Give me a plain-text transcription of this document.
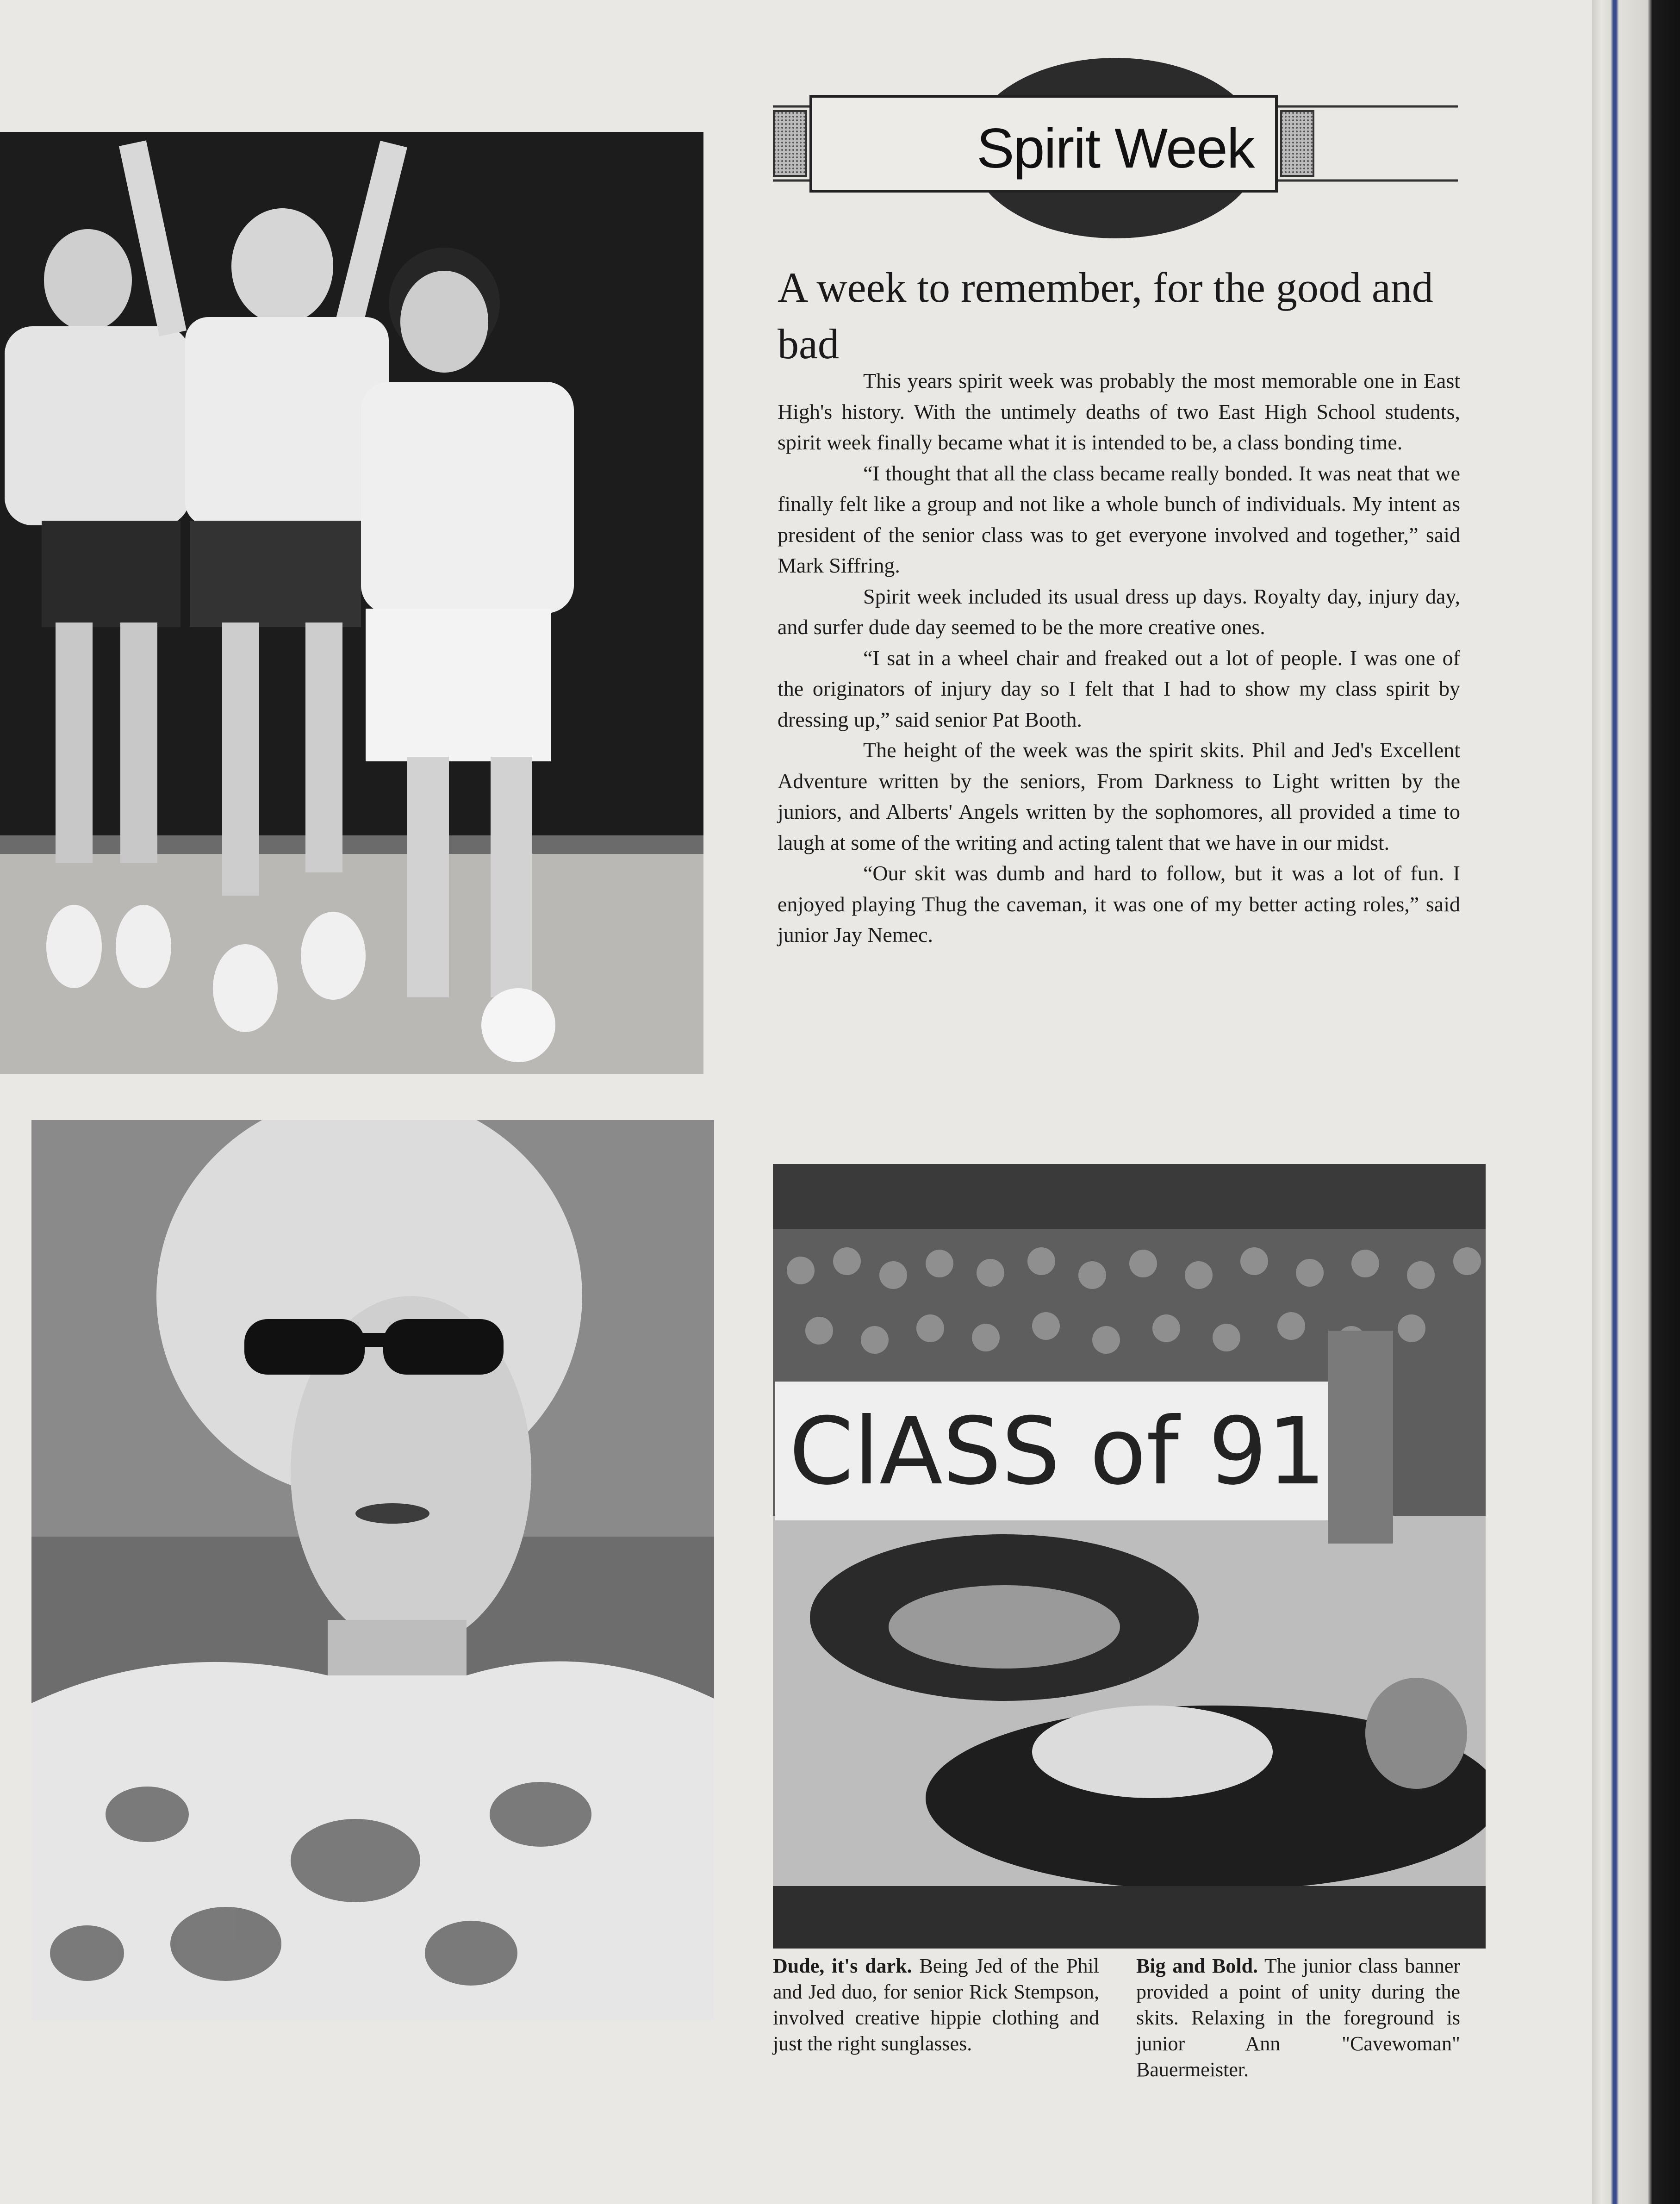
Spirit Week
A week to remember, for the good and bad

This years spirit week was probably the most memorable one in East High's history. With the untimely deaths of two East High School students, spirit week finally became what it is intended to be, a class bonding time.

“I thought that all the class became really bonded. It was neat that we finally felt like a group and not like a whole bunch of individuals. My intent as president of the senior class was to get everyone involved and together,” said Mark Siffring.

Spirit week included its usual dress up days. Royalty day, injury day, and surfer dude day seemed to be the more creative ones.

“I sat in a wheel chair and freaked out a lot of people. I was one of the originators of injury day so I felt that I had to show my class spirit by dressing up,” said senior Pat Booth.

The height of the week was the spirit skits. Phil and Jed's Excellent Adventure written by the seniors, From Darkness to Light written by the juniors, and Alberts' Angels written by the sophomores, all provided a time to laugh at some of the writing and acting talent that we have in our midst.

“Our skit was dumb and hard to follow, but it was a lot of fun. I enjoyed playing Thug the caveman, it was one of my better acting roles,” said junior Jay Nemec.

ClASS of 91
Dude, it's dark. Being Jed of the Phil and Jed duo, for senior Rick Stempson, involved creative hippie clothing and just the right sunglasses.
Big and Bold. The junior class banner provided a point of unity during the skits. Relaxing in the foreground is junior Ann "Cavewoman" Bauermeister.
